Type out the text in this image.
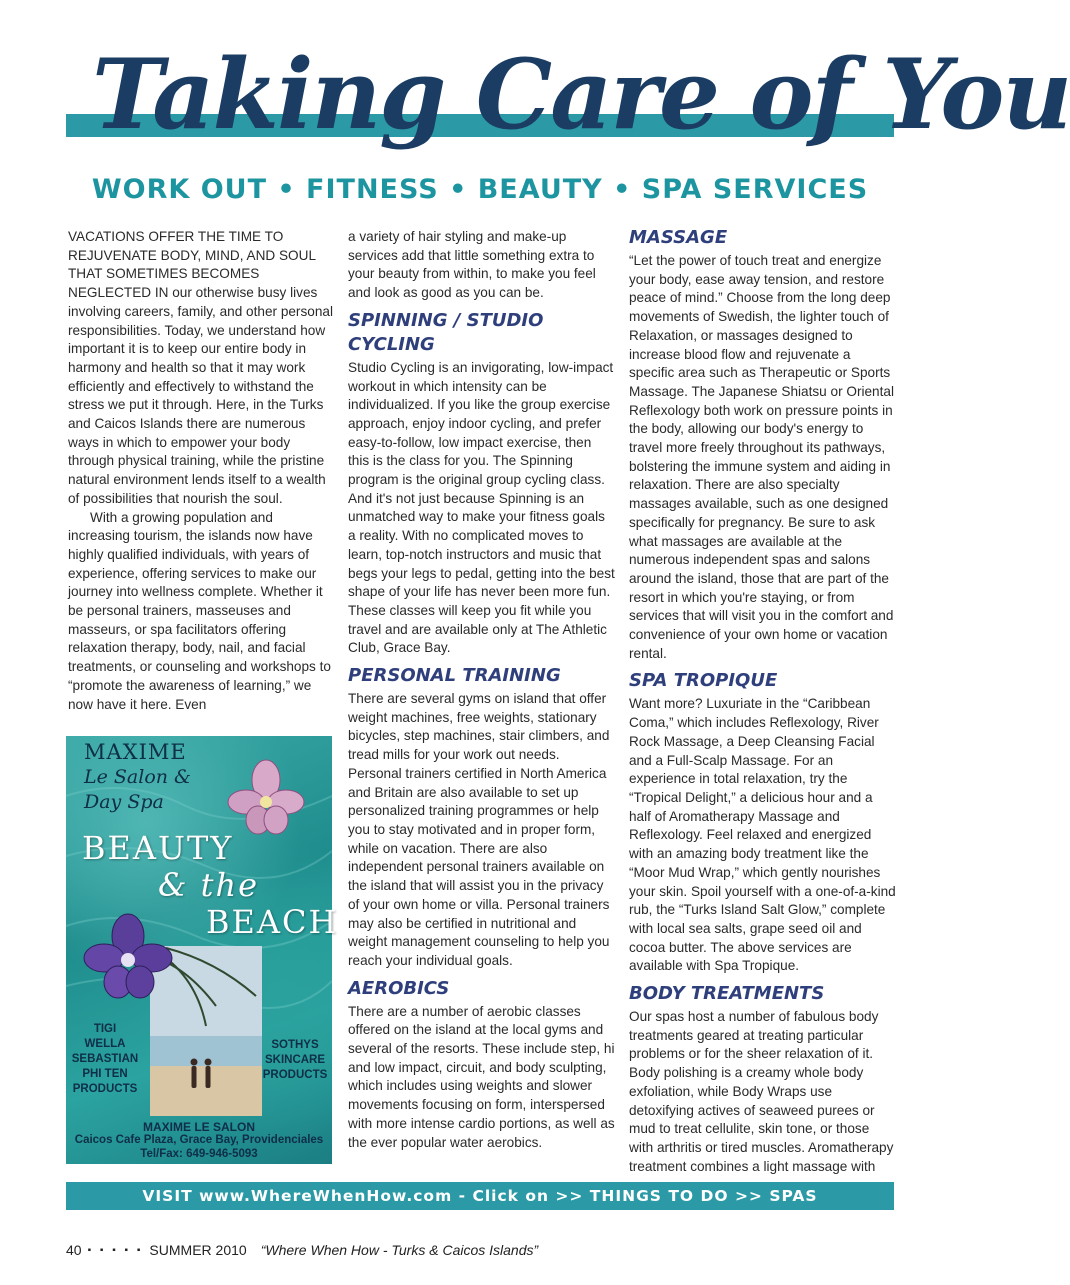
Taking Care of You
WORK OUT • FITNESS • BEAUTY • SPA SERVICES

VACATIONS OFFER THE TIME TO REJUVENATE BODY, MIND, AND SOUL THAT SOMETIMES BECOMES NEGLECTED IN our otherwise busy lives involving careers, family, and other personal responsibilities. Today, we understand how important it is to keep our entire body in harmony and health so that it may work efficiently and effectively to withstand the stress we put it through. Here, in the Turks and Caicos Islands there are numerous ways in which to empower your body through physical training, while the pristine natural environment lends itself to a wealth of possibilities that nourish the soul.

With a growing population and increasing tourism, the islands now have highly qualified individuals, with years of experience, offering services to make our journey into wellness complete. Whether it be personal trainers, masseuses and masseurs, or spa facilitators offering relaxation therapy, body, nail, and facial treatments, or counseling and workshops to “promote the awareness of learning,” we now have it here. Even

MAXIME
Le Salon &
Day Spa
BEAUTY
& the
BEACH
TIGI
WELLA
SEBASTIAN
PHI TEN
PRODUCTS
SOTHYS
SKINCARE
PRODUCTS
MAXIME LE SALON
Caicos Cafe Plaza, Grace Bay, Providenciales
Tel/Fax: 649-946-5093

a variety of hair styling and make-up services add that little something extra to your beauty from within, to make you feel and look as good as you can be.

SPINNING / STUDIO CYCLING

Studio Cycling is an invigorating, low-impact workout in which intensity can be individualized. If you like the group exercise approach, enjoy indoor cycling, and prefer easy-to-follow, low impact exercise, then this is the class for you. The Spinning program is the original group cycling class. And it's not just because Spinning is an unmatched way to make your fitness goals a reality. With no complicated moves to learn, top-notch instructors and music that begs your legs to pedal, getting into the best shape of your life has never been more fun. These classes will keep you fit while you travel and are available only at The Athletic Club, Grace Bay.

PERSONAL TRAINING

There are several gyms on island that offer weight machines, free weights, stationary bicycles, step machines, stair climbers, and tread mills for your work out needs. Personal trainers certified in North America and Britain are also available to set up personalized training programmes or help you to stay motivated and in proper form, while on vacation. There are also independent personal trainers available on the island that will assist you in the privacy of your own home or villa. Personal trainers may also be certified in nutritional and weight management counseling to help you reach your individual goals.

AEROBICS

There are a number of aerobic classes offered on the island at the local gyms and several of the resorts. These include step, hi and low impact, circuit, and body sculpting, which includes using weights and slower movements focusing on form, interspersed with more intense cardio portions, as well as the ever popular water aerobics.

MASSAGE

“Let the power of touch treat and energize your body, ease away tension, and restore peace of mind.” Choose from the long deep movements of Swedish, the lighter touch of Relaxation, or massages designed to increase blood flow and rejuvenate a specific area such as Therapeutic or Sports Massage. The Japanese Shiatsu or Oriental Reflexology both work on pressure points in the body, allowing our body's energy to travel more freely throughout its pathways, bolstering the immune system and aiding in relaxation. There are also specialty massages available, such as one designed specifically for pregnancy. Be sure to ask what massages are available at the numerous independent spas and salons around the island, those that are part of the resort in which you're staying, or from services that will visit you in the comfort and convenience of your own home or vacation rental.

SPA TROPIQUE

Want more? Luxuriate in the “Caribbean Coma,” which includes Reflexology, River Rock Massage, a Deep Cleansing Facial and a Full-Scalp Massage. For an experience in total relaxation, try the “Tropical Delight,” a delicious hour and a half of Aromatherapy Massage and Reflexology. Feel relaxed and energized with an amazing body treatment like the “Moor Mud Wrap,” which gently nourishes your skin. Spoil yourself with a one-of-a-kind rub, the “Turks Island Salt Glow,” complete with local sea salts, grape seed oil and cocoa butter. The above services are available with Spa Tropique.

BODY TREATMENTS

Our spas host a number of fabulous body treatments geared at treating particular problems or for the sheer relaxation of it. Body polishing is a creamy whole body exfoliation, while Body Wraps use detoxifying actives of seaweed purees or mud to treat cellulite, skin tone, or those with arthritis or tired muscles. Aromatherapy treatment combines a light massage with

VISIT www.WhereWhenHow.com - Click on >> THINGS TO DO >> SPAS
40 ▪ ▪ ▪ ▪ ▪ SUMMER 2010 “Where When How - Turks & Caicos Islands”
